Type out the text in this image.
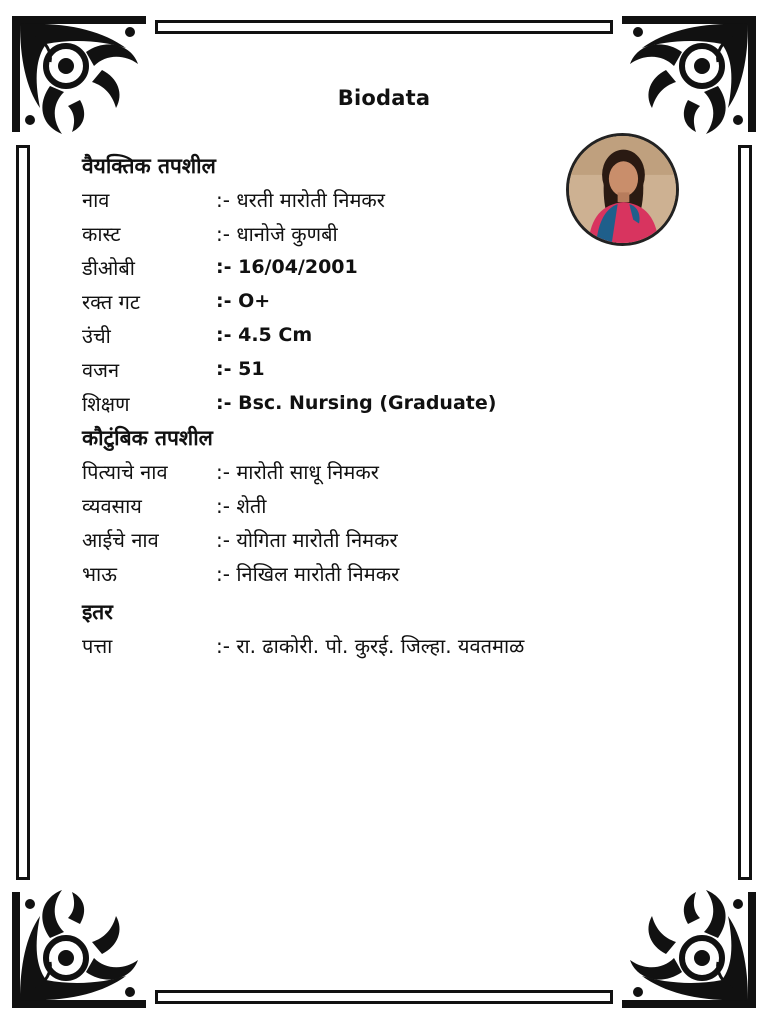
Biodata
वैयक्तिक तपशील
नाव	:- धरती मारोती निमकर
कास्ट	:- धानोजे कुणबी
डीओबी	:- 16/04/2001
रक्त गट	:- O+
उंची	:- 4.5 Cm
वजन	:- 51
शिक्षण	:- Bsc. Nursing (Graduate)
कौटुंबिक तपशील
पित्याचे नाव	:- मारोती साधू निमकर
व्यवसाय	:- शेती
आईचे नाव	:- योगिता मारोती निमकर
भाऊ	:- निखिल मारोती निमकर
इतर
पत्ता	:- रा. ढाकोरी. पो. कुरई. जिल्हा. यवतमाळ
